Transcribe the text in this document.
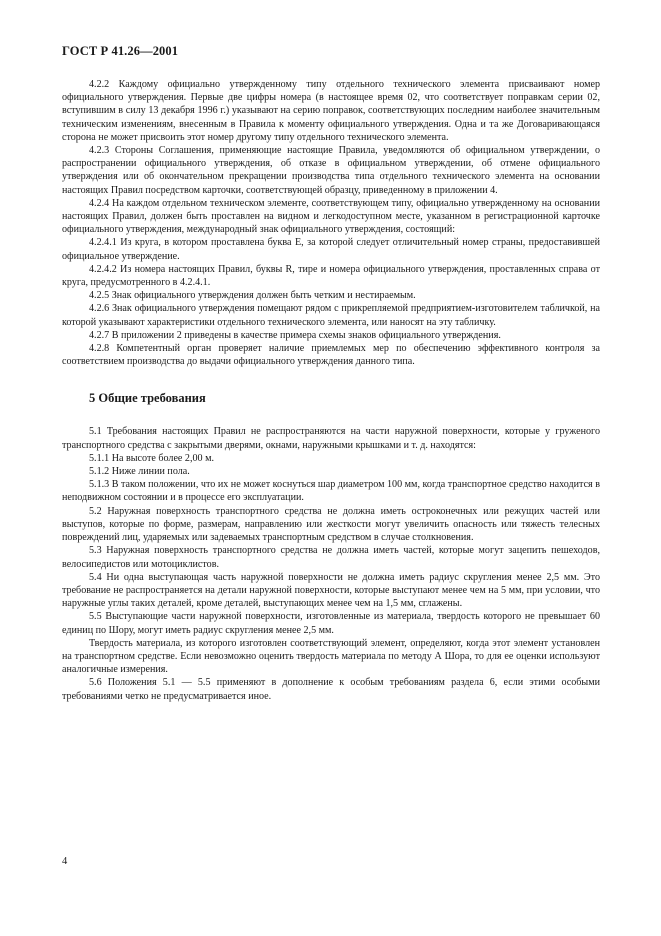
ГОСТ Р 41.26—2001

4.2.2 Каждому официально утвержденному типу отдельного технического элемента присваивают номер официального утверждения. Первые две цифры номера (в настоящее время 02, что соответствует поправкам серии 02, вступившим в силу 13 декабря 1996 г.) указывают на серию поправок, соответствующих последним наиболее значительным техническим изменениям, внесенным в Правила к моменту официального утверждения. Одна и та же Договаривающаяся сторона не может присвоить этот номер другому типу отдельного технического элемента.

4.2.3 Стороны Соглашения, применяющие настоящие Правила, уведомляются об официальном утверждении, о распространении официального утверждения, об отказе в официальном утверждении, об отмене официального утверждения или об окончательном прекращении производства типа отдельного технического элемента на основании настоящих Правил посредством карточки, соответствующей образцу, приведенному в приложении 4.

4.2.4 На каждом отдельном техническом элементе, соответствующем типу, официально утвержденному на основании настоящих Правил, должен быть проставлен на видном и легкодоступном месте, указанном в регистрационной карточке официального утверждения, международный знак официального утверждения, состоящий:

4.2.4.1 Из круга, в котором проставлена буква Е, за которой следует отличительный номер страны, предоставившей официальное утверждение.

4.2.4.2 Из номера настоящих Правил, буквы R, тире и номера официального утверждения, проставленных справа от круга, предусмотренного в 4.2.4.1.

4.2.5 Знак официального утверждения должен быть четким и нестираемым.

4.2.6 Знак официального утверждения помещают рядом с прикрепляемой предприятием-изготовителем табличкой, на которой указывают характеристики отдельного технического элемента, или наносят на эту табличку.

4.2.7 В приложении 2 приведены в качестве примера схемы знаков официального утверждения.

4.2.8 Компетентный орган проверяет наличие приемлемых мер по обеспечению эффективного контроля за соответствием производства до выдачи официального утверждения данного типа.

5 Общие требования

5.1 Требования настоящих Правил не распространяются на части наружной поверхности, которые у груженого транспортного средства с закрытыми дверями, окнами, наружными крышками и т. д. находятся:

5.1.1 На высоте более 2,00 м.

5.1.2 Ниже линии пола.

5.1.3 В таком положении, что их не может коснуться шар диаметром 100 мм, когда транспортное средство находится в неподвижном состоянии и в процессе его эксплуатации.

5.2 Наружная поверхность транспортного средства не должна иметь остроконечных или режущих частей или выступов, которые по форме, размерам, направлению или жесткости могут увеличить опасность или тяжесть телесных повреждений лиц, ударяемых или задеваемых транспортным средством в случае столкновения.

5.3 Наружная поверхность транспортного средства не должна иметь частей, которые могут зацепить пешеходов, велосипедистов или мотоциклистов.

5.4 Ни одна выступающая часть наружной поверхности не должна иметь радиус скругления менее 2,5 мм. Это требование не распространяется на детали наружной поверхности, которые выступают менее чем на 5 мм, при условии, что наружные углы таких деталей, кроме деталей, выступающих менее чем на 1,5 мм, сглажены.

5.5 Выступающие части наружной поверхности, изготовленные из материала, твердость которого не превышает 60 единиц по Шору, могут иметь радиус скругления менее 2,5 мм.

Твердость материала, из которого изготовлен соответствующий элемент, определяют, когда этот элемент установлен на транспортном средстве. Если невозможно оценить твердость материала по методу А Шора, то для ее оценки используют аналогичные измерения.

5.6 Положения 5.1 — 5.5 применяют в дополнение к особым требованиям раздела 6, если этими особыми требованиями четко не предусматривается иное.

4
